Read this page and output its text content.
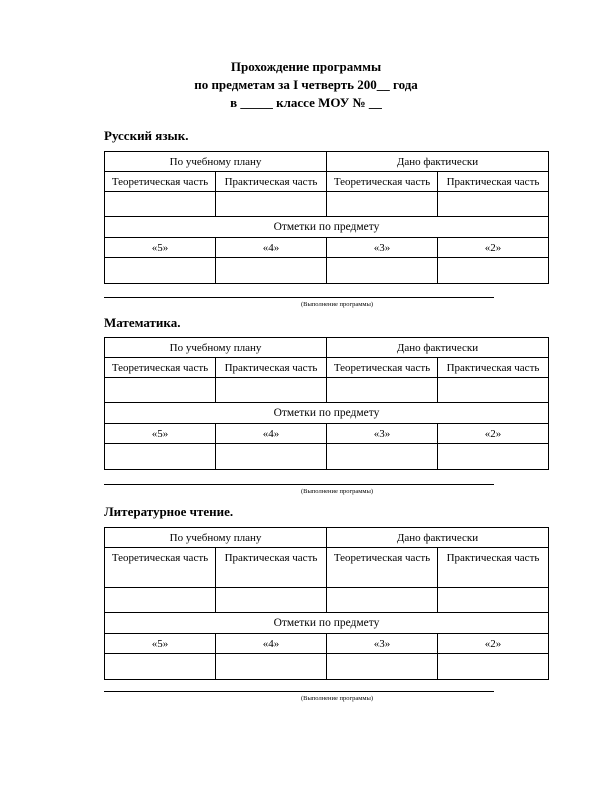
Прохождение программы
по предметам за I четверть 200__ года
в _____ классе МОУ № __
Русский язык.
По учебному плану		Дано фактически	
Теоретическая часть	Практическая часть	Теоретическая часть	Практическая часть

Отметки по предмету			
«5»	«4»	«3»	«2»

(Выполнение программы)
Математика.
По учебному плану		Дано фактически	
Теоретическая часть	Практическая часть	Теоретическая часть	Практическая часть

Отметки по предмету			
«5»	«4»	«3»	«2»

(Выполнение программы)
Литературное чтение.
По учебному плану		Дано фактически	
Теоретическая часть	Практическая часть	Теоретическая часть	Практическая часть

Отметки по предмету			
«5»	«4»	«3»	«2»

(Выполнение программы)
